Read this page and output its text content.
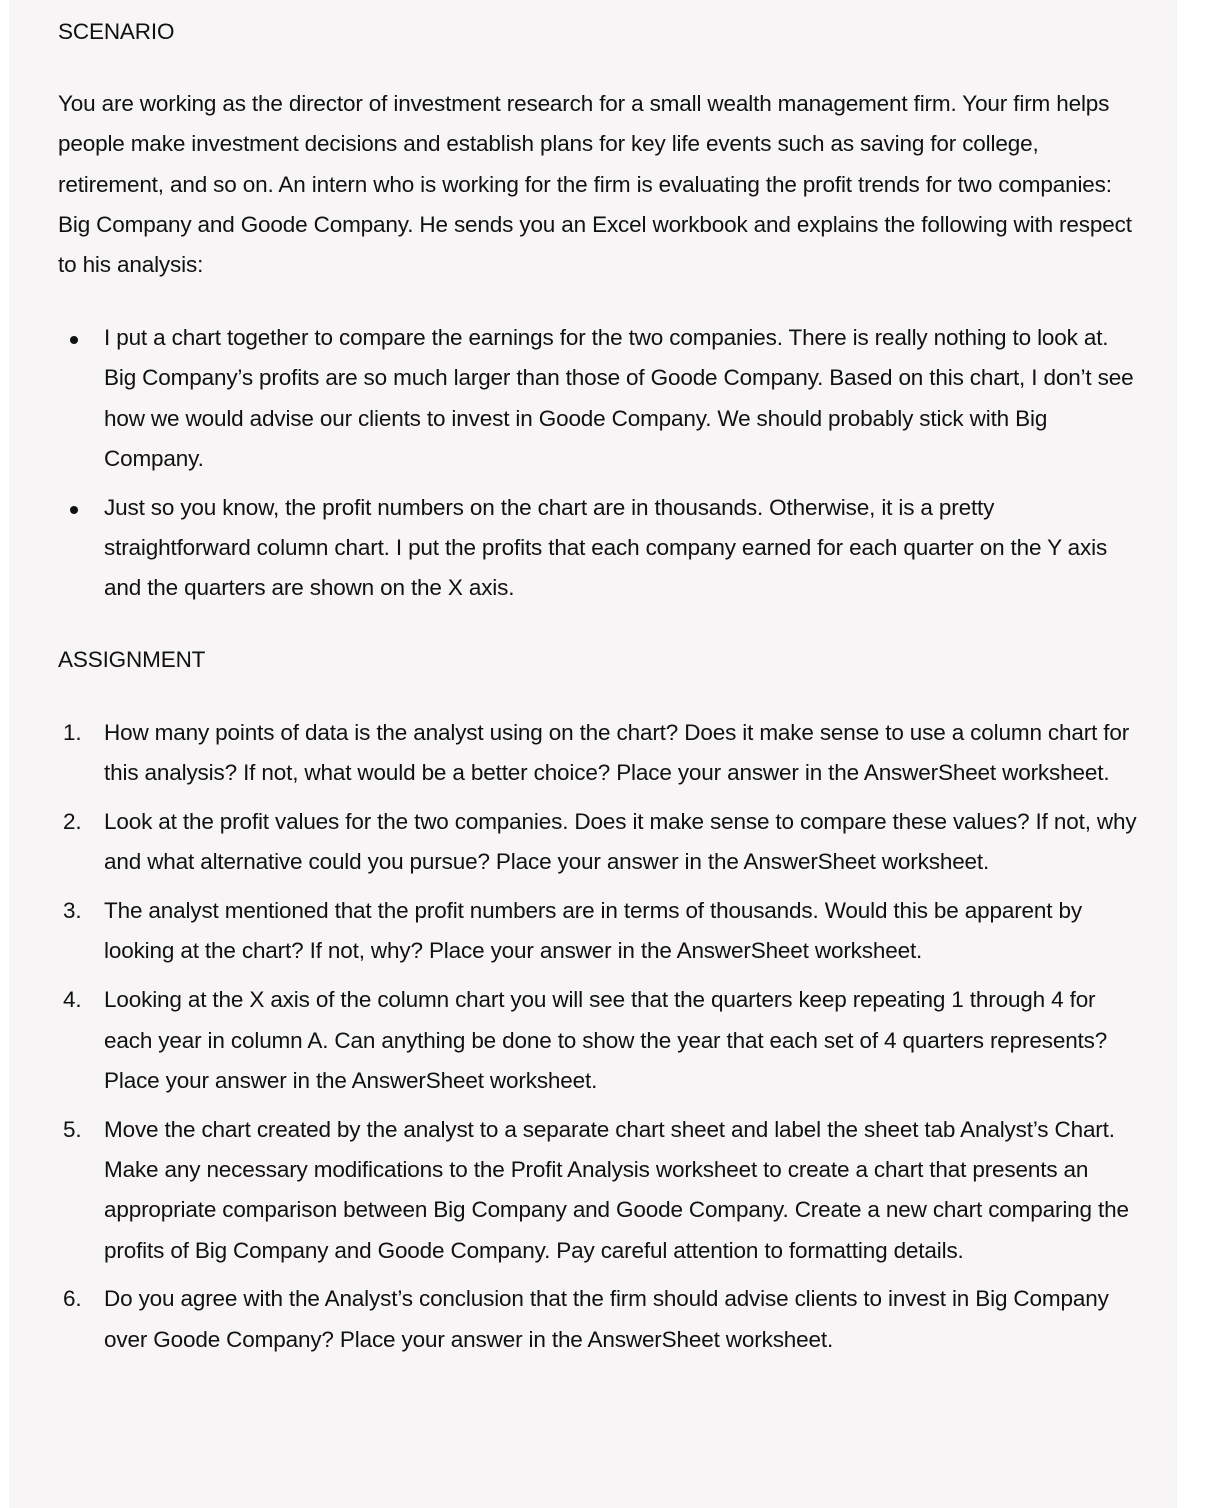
SCENARIO

You are working as the director of investment research for a small wealth management firm. Your firm helps people make investment decisions and establish plans for key life events such as saving for college, retirement, and so on. An intern who is working for the firm is evaluating the profit trends for two companies: Big Company and Goode Company. He sends you an Excel workbook and explains the following with respect to his analysis:

I put a chart together to compare the earnings for the two companies. There is really nothing to look at. Big Company’s profits are so much larger than those of Goode Company. Based on this chart, I don’t see how we would advise our clients to invest in Goode Company. We should probably stick with Big Company.
Just so you know, the profit numbers on the chart are in thousands. Otherwise, it is a pretty straightforward column chart. I put the profits that each company earned for each quarter on the Y axis and the quarters are shown on the X axis.
ASSIGNMENT
1. How many points of data is the analyst using on the chart? Does it make sense to use a column chart for this analysis? If not, what would be a better choice? Place your answer in the AnswerSheet worksheet.
2. Look at the profit values for the two companies. Does it make sense to compare these values? If not, why and what alternative could you pursue? Place your answer in the AnswerSheet worksheet.
3. The analyst mentioned that the profit numbers are in terms of thousands. Would this be apparent by looking at the chart? If not, why? Place your answer in the AnswerSheet worksheet.
4. Looking at the X axis of the column chart you will see that the quarters keep repeating 1 through 4 for each year in column A. Can anything be done to show the year that each set of 4 quarters represents? Place your answer in the AnswerSheet worksheet.
5. Move the chart created by the analyst to a separate chart sheet and label the sheet tab Analyst’s Chart. Make any necessary modifications to the Profit Analysis worksheet to create a chart that presents an appropriate comparison between Big Company and Goode Company. Create a new chart comparing the profits of Big Company and Goode Company. Pay careful attention to formatting details.
6. Do you agree with the Analyst’s conclusion that the firm should advise clients to invest in Big Company over Goode Company? Place your answer in the AnswerSheet worksheet.
